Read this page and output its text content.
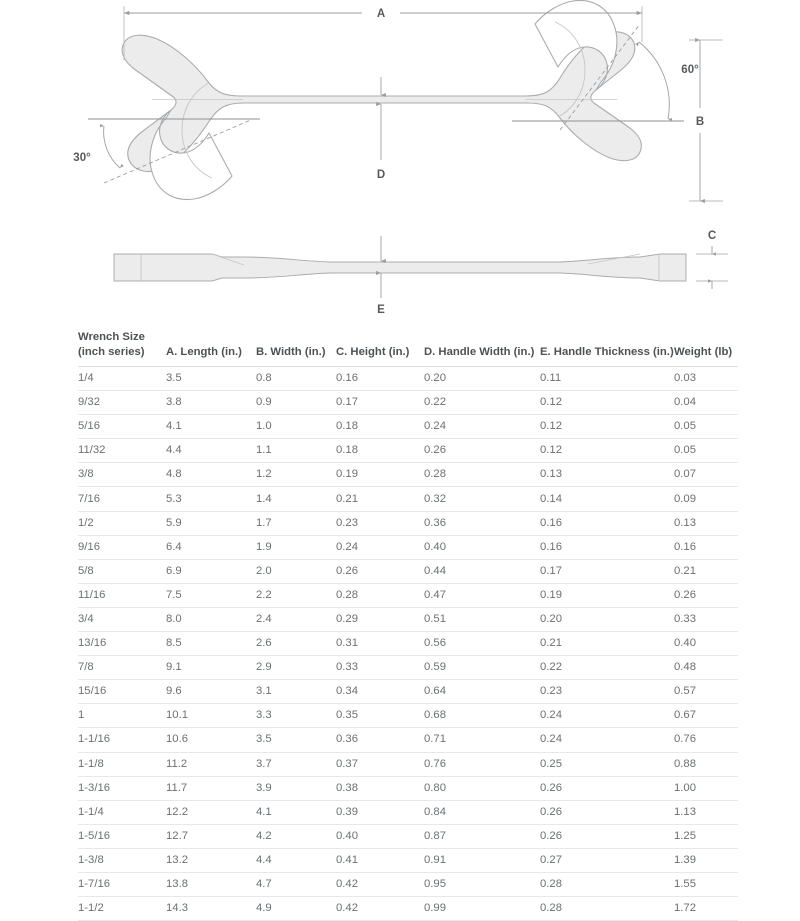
A
30°
60°
B
D
E
C
Wrench Size
(inch series)	A. Length (in.)	B. Width (in.)	C. Height (in.)	D. Handle Width (in.)	E. Handle Thickness (in.)	Weight (lb)
1/4	3.5	0.8	0.16	0.20	0.11	0.03
9/32	3.8	0.9	0.17	0.22	0.12	0.04
5/16	4.1	1.0	0.18	0.24	0.12	0.05
11/32	4.4	1.1	0.18	0.26	0.12	0.05
3/8	4.8	1.2	0.19	0.28	0.13	0.07
7/16	5.3	1.4	0.21	0.32	0.14	0.09
1/2	5.9	1.7	0.23	0.36	0.16	0.13
9/16	6.4	1.9	0.24	0.40	0.16	0.16
5/8	6.9	2.0	0.26	0.44	0.17	0.21
11/16	7.5	2.2	0.28	0.47	0.19	0.26
3/4	8.0	2.4	0.29	0.51	0.20	0.33
13/16	8.5	2.6	0.31	0.56	0.21	0.40
7/8	9.1	2.9	0.33	0.59	0.22	0.48
15/16	9.6	3.1	0.34	0.64	0.23	0.57
1	10.1	3.3	0.35	0.68	0.24	0.67
1-1/16	10.6	3.5	0.36	0.71	0.24	0.76
1-1/8	11.2	3.7	0.37	0.76	0.25	0.88
1-3/16	11.7	3.9	0.38	0.80	0.26	1.00
1-1/4	12.2	4.1	0.39	0.84	0.26	1.13
1-5/16	12.7	4.2	0.40	0.87	0.26	1.25
1-3/8	13.2	4.4	0.41	0.91	0.27	1.39
1-7/16	13.8	4.7	0.42	0.95	0.28	1.55
1-1/2	14.3	4.9	0.42	0.99	0.28	1.72
